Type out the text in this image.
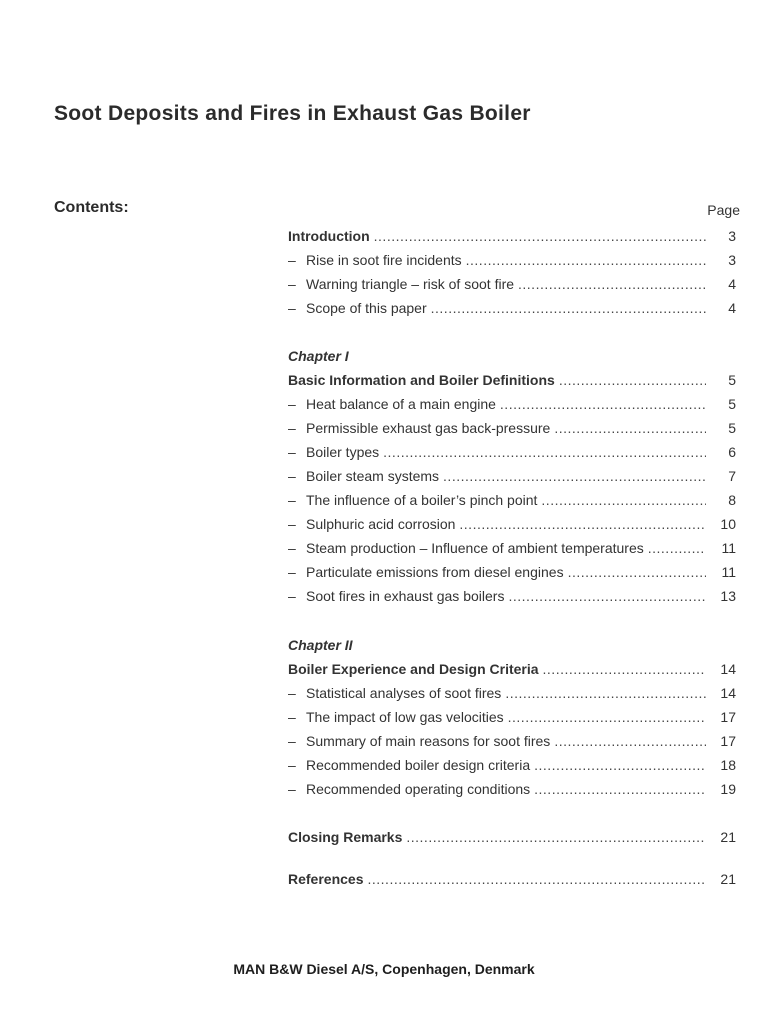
Soot Deposits and Fires in Exhaust Gas Boiler
Contents:	Page
Introduction .....	3
– Rise in soot fire incidents .....	3
– Warning triangle – risk of soot fire .....	4
– Scope of this paper .....	4
Chapter I
Basic Information and Boiler Definitions .....	5
– Heat balance of a main engine .....	5
– Permissible exhaust gas back-pressure .....	5
– Boiler types .....	6
– Boiler steam systems .....	7
– The influence of a boiler’s pinch point .....	8
– Sulphuric acid corrosion .....	10
– Steam production – Influence of ambient temperatures .....	11
– Particulate emissions from diesel engines .....	11
– Soot fires in exhaust gas boilers .....	13
Chapter II
Boiler Experience and Design Criteria .....	14
– Statistical analyses of soot fires .....	14
– The impact of low gas velocities .....	17
– Summary of main reasons for soot fires .....	17
– Recommended boiler design criteria .....	18
– Recommended operating conditions .....	19
Closing Remarks .....	21
References .....	21
MAN B&W Diesel A/S, Copenhagen, Denmark
